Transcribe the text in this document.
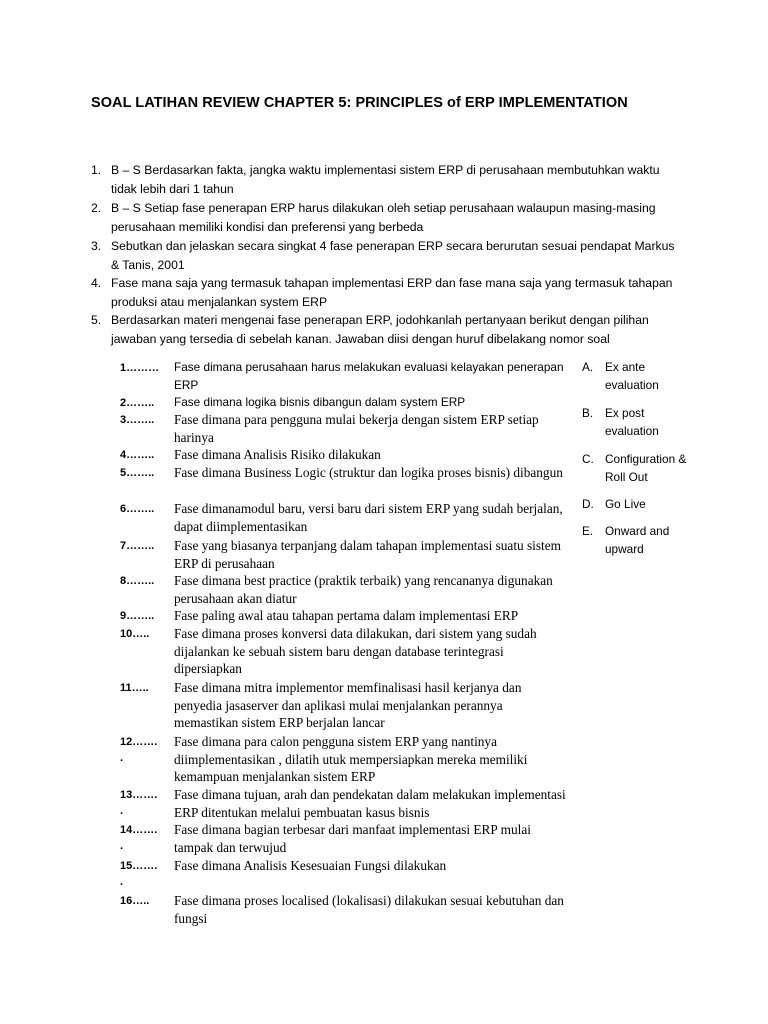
SOAL LATIHAN REVIEW CHAPTER 5: PRINCIPLES of ERP IMPLEMENTATION
1. B – S Berdasarkan fakta, jangka waktu implementasi sistem ERP di perusahaan membutuhkan waktu tidak lebih dari 1 tahun
2. B – S Setiap fase penerapan ERP harus dilakukan oleh setiap perusahaan walaupun masing-masing perusahaan memiliki kondisi dan preferensi yang berbeda
3. Sebutkan dan jelaskan secara singkat 4 fase penerapan ERP secara berurutan sesuai pendapat Markus & Tanis, 2001
4. Fase mana saja yang termasuk tahapan implementasi ERP dan fase mana saja yang termasuk tahapan produksi atau menjalankan system ERP
5. Berdasarkan materi mengenai fase penerapan ERP, jodohkanlah pertanyaan berikut dengan pilihan jawaban yang tersedia di sebelah kanan. Jawaban diisi dengan huruf dibelakang nomor soal
1……… Fase dimana perusahaan harus melakukan evaluasi kelayakan penerapan ERP
2…….. Fase dimana logika bisnis dibangun dalam system ERP
3…….. Fase dimana para pengguna mulai bekerja dengan sistem ERP setiap harinya
4…….. Fase dimana Analisis Risiko dilakukan
5…….. Fase dimana Business Logic (struktur dan logika proses bisnis) dibangun
6…….. Fase dimanamodul baru, versi baru dari sistem ERP yang sudah berjalan, dapat diimplementasikan
7…….. Fase yang biasanya terpanjang dalam tahapan implementasi suatu sistem ERP di perusahaan
8…….. Fase dimana best practice (praktik terbaik) yang rencananya digunakan perusahaan akan diatur
9…….. Fase paling awal atau tahapan pertama dalam implementasi ERP
10….. Fase dimana proses konversi data dilakukan, dari sistem yang sudah dijalankan ke sebuah sistem baru dengan database terintegrasi dipersiapkan
11….. Fase dimana mitra implementor memfinalisasi hasil kerjanya dan penyedia jasaserver dan aplikasi mulai menjalankan perannya memastikan sistem ERP berjalan lancar
12…….
.
Fase dimana para calon pengguna sistem ERP yang nantinya diimplementasikan , dilatih utuk mempersiapkan mereka memiliki kemampuan menjalankan sistem ERP
13…….
.
Fase dimana tujuan, arah dan pendekatan dalam melakukan implementasi ERP ditentukan melalui pembuatan kasus bisnis
14…….
.
Fase dimana bagian terbesar dari manfaat implementasi ERP mulai tampak dan terwujud
15…….
.
Fase dimana Analisis Kesesuaian Fungsi dilakukan
16….. Fase dimana proses localised (lokalisasi) dilakukan sesuai kebutuhan dan fungsi
A. Ex ante evaluation
B. Ex post evaluation
C. Configuration & Roll Out
D. Go Live
E. Onward and upward
